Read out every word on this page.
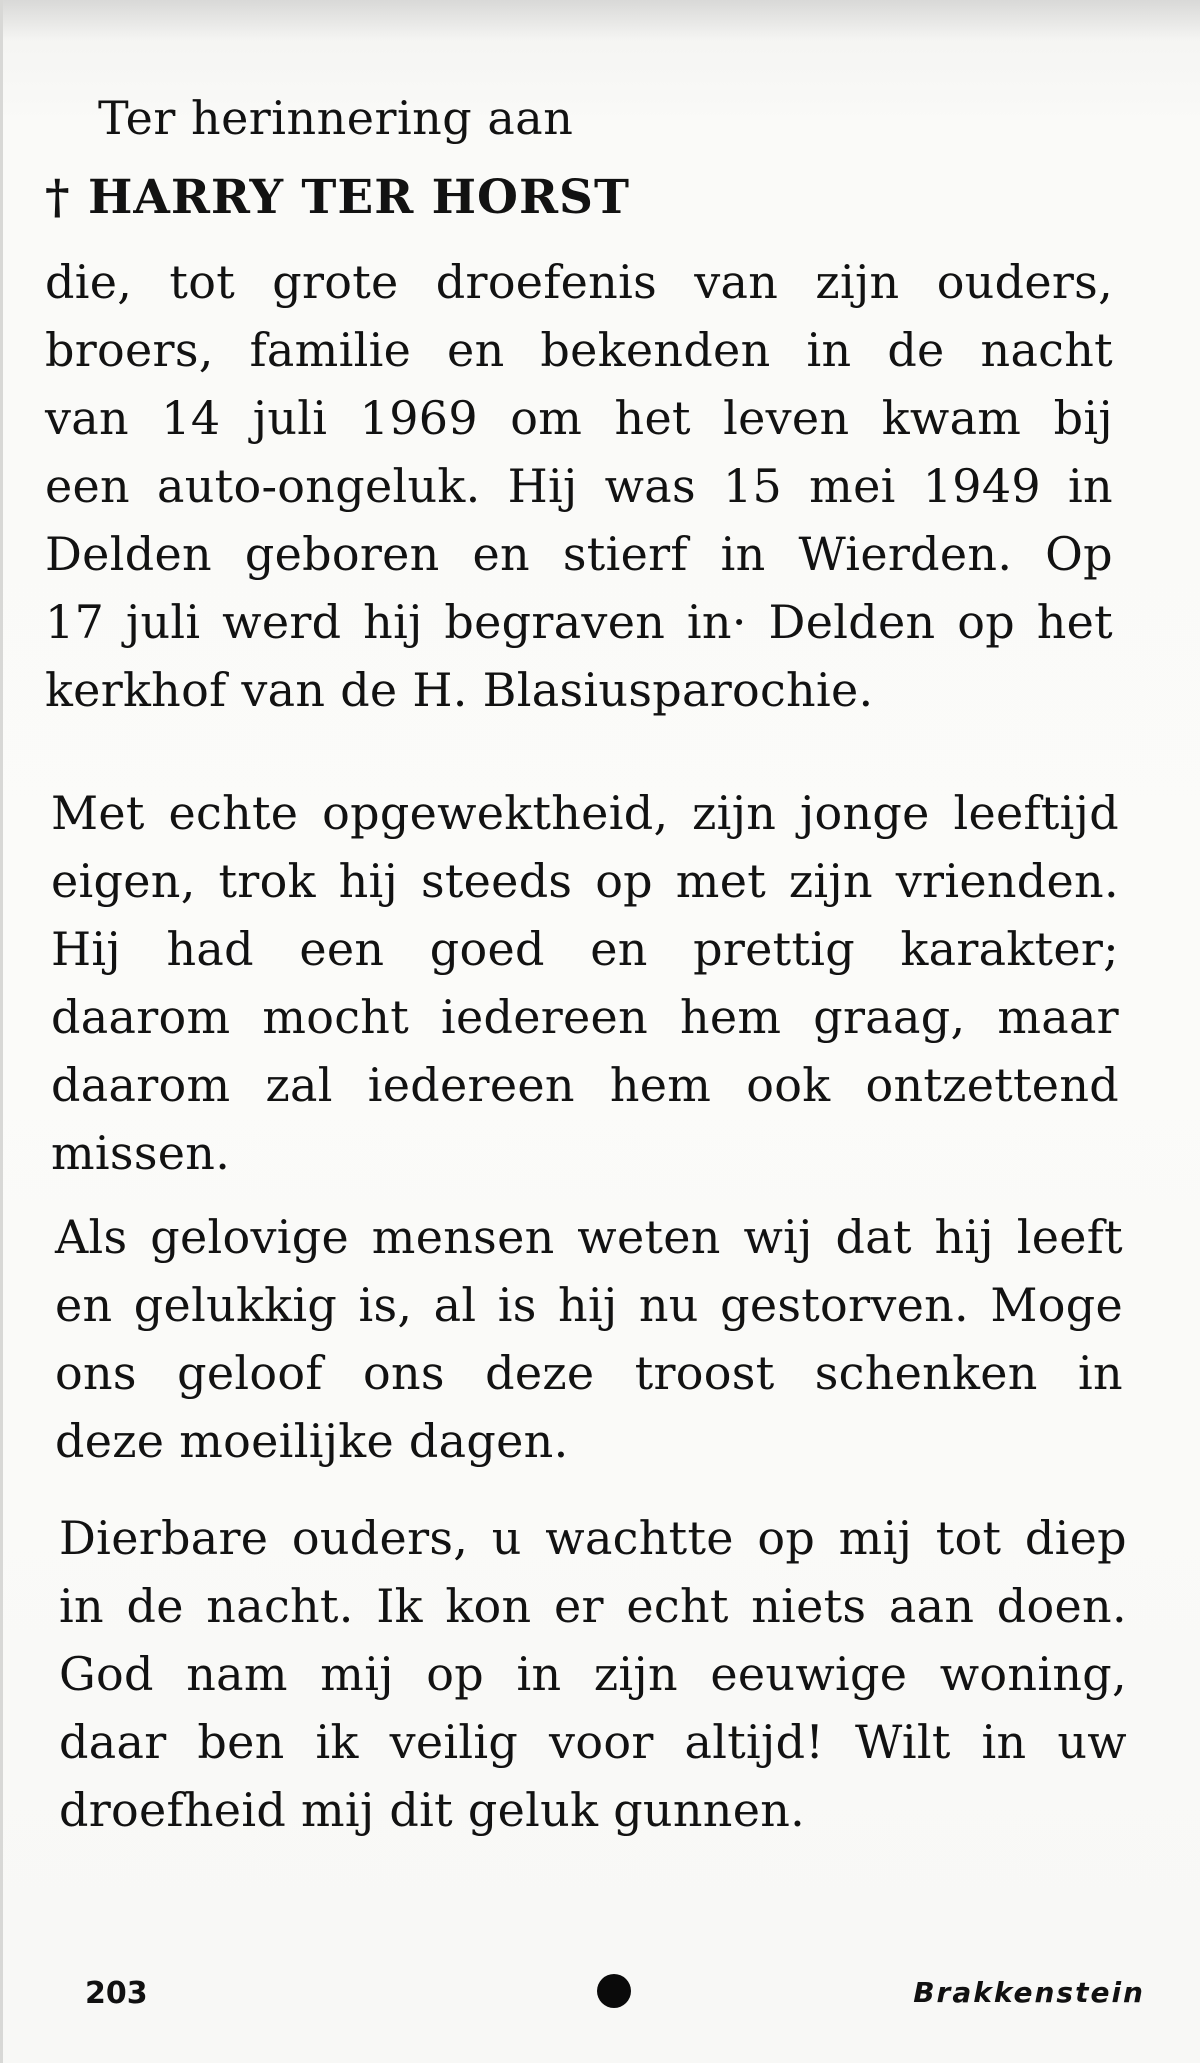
Ter herinnering aan
† HARRY TER HORST
die, tot grote droefenis van zijn ouders,
broers, familie en bekenden in de nacht
van 14 juli 1969 om het leven kwam bij
een auto-ongeluk. Hij was 15 mei 1949 in
Delden geboren en stierf in Wierden. Op
17 juli werd hij begraven in· Delden op het
kerkhof van de H. Blasiusparochie.
Met echte opgewektheid, zijn jonge leeftijd
eigen, trok hij steeds op met zijn vrienden.
Hij had een goed en prettig karakter;
daarom mocht iedereen hem graag, maar
daarom zal iedereen hem ook ontzettend
missen.
Als gelovige mensen weten wij dat hij leeft
en gelukkig is, al is hij nu gestorven. Moge
ons geloof ons deze troost schenken in
deze moeilijke dagen.
Dierbare ouders, u wachtte op mij tot diep
in de nacht. Ik kon er echt niets aan doen.
God nam mij op in zijn eeuwige woning,
daar ben ik veilig voor altijd! Wilt in uw
droefheid mij dit geluk gunnen.
203	Brakkenstein
